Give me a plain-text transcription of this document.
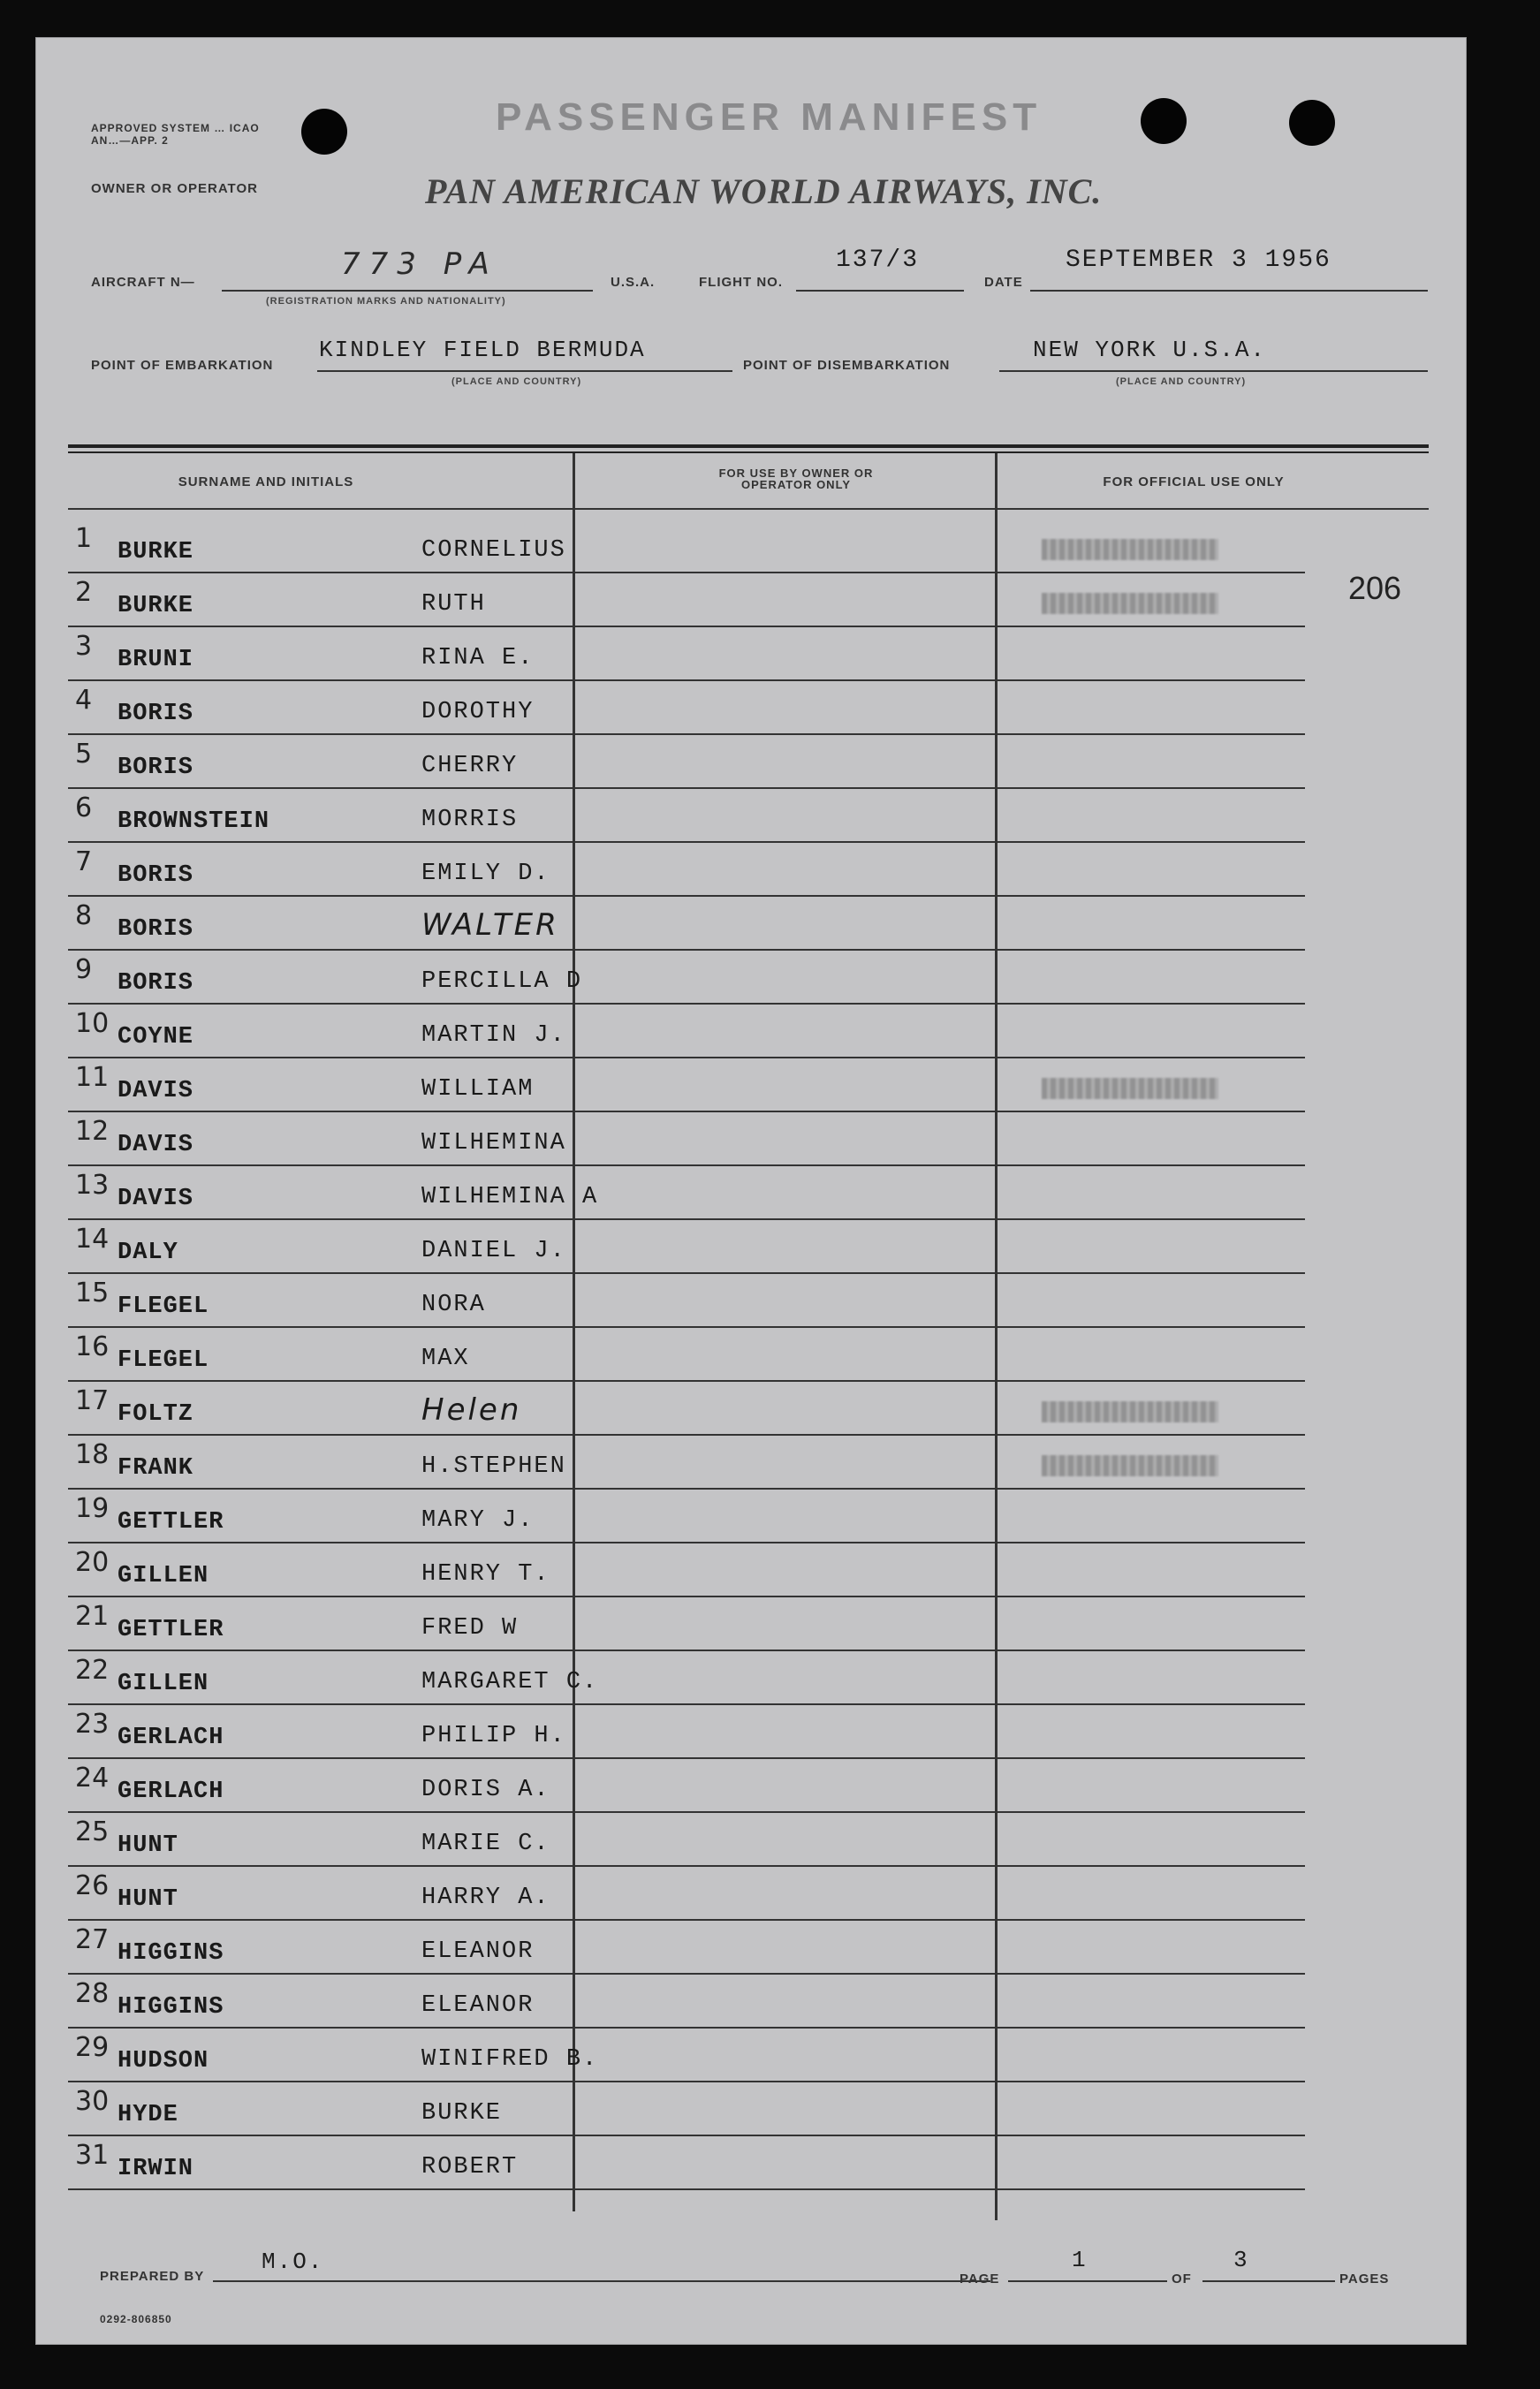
APPROVED SYSTEM … ICAO AN…—APP. 2
PASSENGER MANIFEST
OWNER OR OPERATOR	PAN AMERICAN WORLD AIRWAYS, INC.
AIRCRAFT N—
773 PA
(REGISTRATION MARKS AND NATIONALITY)
U.S.A.	FLIGHT NO.
137/3
DATE
SEPTEMBER 3 1956
POINT OF EMBARKATION
KINDLEY FIELD BERMUDA
(PLACE AND COUNTRY)
POINT OF DISEMBARKATION
NEW YORK U.S.A.
(PLACE AND COUNTRY)
SURNAME AND INITIALS
FOR USE BY OWNER OR OPERATOR ONLY	FOR OFFICIAL USE ONLY
206
1 BURKE	CORNELIUS
2 BURKE	RUTH
3 BRUNI	RINA E.
4 BORIS	DOROTHY
5 BORIS	CHERRY
6 BROWNSTEIN	MORRIS
7 BORIS	EMILY D.
8 BORIS	WALTER
9 BORIS	PERCILLA D
10 COYNE	MARTIN J.
11 DAVIS	WILLIAM
12 DAVIS	WILHEMINA
13 DAVIS	WILHEMINA A
14 DALY	DANIEL J.
15 FLEGEL	NORA
16 FLEGEL	MAX
17 FOLTZ	Helen
18 FRANK	H.STEPHEN
19 GETTLER	MARY J.
20 GILLEN	HENRY T.
21 GETTLER	FRED W
22 GILLEN	MARGARET C.
23 GERLACH	PHILIP H.
24 GERLACH	DORIS A.
25 HUNT	MARIE C.
26 HUNT	HARRY A.
27 HIGGINS	ELEANOR
28 HIGGINS	ELEANOR
29 HUDSON	WINIFRED B.
30 HYDE	BURKE
31 IRWIN	ROBERT
PREPARED BY
M.O.
PAGE
1
OF
3
PAGES
0292-806850
